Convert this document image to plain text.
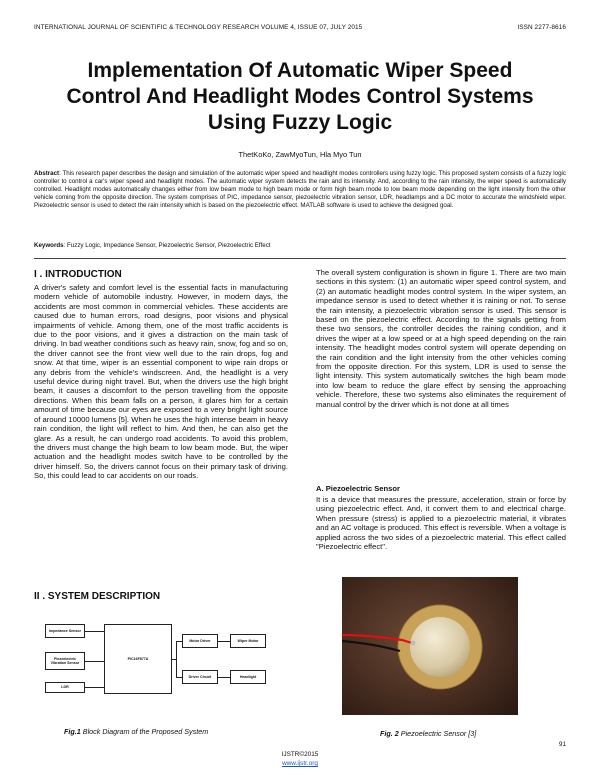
INTERNATIONAL JOURNAL OF SCIENTIFIC & TECHNOLOGY RESEARCH VOLUME 4, ISSUE 07, JULY 2015	ISSN 2277-8616
Implementation Of Automatic Wiper Speed
Control And Headlight Modes Control Systems
Using Fuzzy Logic
ThetKoKo, ZawMyoTun, Hla Myo Tun
Abstract: This research paper describes the design and simulation of the automatic wiper speed and headlight modes controllers using fuzzy logic. This proposed system consists of a fuzzy logic controller to control a car's wiper speed and headlight modes. The automatic wiper system detects the rain and its intensity. And, according to the rain intensity, the wiper speed is automatically controlled. Headlight modes automatically changes either from low beam mode to high beam mode or form high beam mode to low beam mode depending on the light intensity from the other vehicle coming from the opposite direction. The system comprises of PIC, impedance sensor, piezoelectric vibration sensor, LDR, headlamps and a DC motor to accurate the windshield wiper. Piezoelectric sensor is used to detect the rain intensity which is based on the piezoelectric effect. MATLAB software is used to achieve the designed goal.
Keywords: Fuzzy Logic, Impedance Sensor, Piezoelectric Sensor, Piezoelectric Effect
I . INTRODUCTION
A driver's safety and comfort level is the essential facts in manufacturing modern vehicle of automobile industry. However, in modern days, the accidents are most common in commercial vehicles. These accidents are caused due to human errors, road designs, poor visions and physical impairments of vehicle. Among them, one of the most traffic accidents is due to the poor visions, and it gives a distraction on the main task of driving. In bad weather conditions such as heavy rain, snow, fog and so on, the driver cannot see the front view well due to the rain drops, fog and snow. At that time, wiper is an essential component to wipe rain drops or any debris from the vehicle's windscreen. And, the headlight is a very useful device during night travel. But, when the drivers use the high bright beam, it causes a discomfort to the person travelling from the opposite directions. When this beam falls on a person, it glares him for a certain amount of time because our eyes are exposed to a very bright light source of around 10000 lumens [5]. When he uses the high intense beam in heavy rain condition, the light will reflect to him. And then, he can also get the glare. As a result, he can undergo road accidents. To avoid this problem, the drivers must change the high beam to low beam mode. But, the wiper actuation and the headlight modes switch have to be controlled by the driver himself. So, the drivers cannot focus on their primary task of driving. So, this could lead to car accidents on our roads.
II . SYSTEM DESCRIPTION
The overall system configuration is shown in figure 1. There are two main sections in this system: (1) an automatic wiper speed control system, and (2) an automatic headlight modes control system. In the wiper system, an impedance sensor is used to detect whether it is raining or not. To sense the rain intensity, a piezoelectric vibration sensor is used. This sensor is based on the piezoelectric effect. According to the signals getting from these two sensors, the controller decides the raining condition, and it drives the wiper at a low speed or at a high speed depending on the rain intensity. The headlight modes control system will operate depending on the rain condition and the light intensity from the other vehicles coming from the opposite direction. For this system, LDR is used to sense the light intensity. This system automatically switches the high beam mode into low beam to reduce the glare effect by sensing the approaching vehicle. Therefore, these two systems also eliminates the requirement of manual control by the driver which is not done at all times
A. Piezoelectric Sensor
It is a device that measures the pressure, acceleration, strain or force by using piezoelectric effect. And, it convert them to and electrical charge. When pressure (stress) is applied to a piezoelectric material, it vibrates and an AC voltage is produced. This effect is reversible. When a voltage is applied across the two sides of a piezoelectric material. This effect called "Piezoelectric effect".
Impedance Sensor
Piezoelectric Vibration Sensor
LDR
PIC16F877A
Motor Driver	Wiper Motor
Driver Circuit	Headlight
Fig.1 Block Diagram of the Proposed System	Fig. 2 Piezoelectric Sensor [3]
91
IJSTR©2015
www.ijstr.org
